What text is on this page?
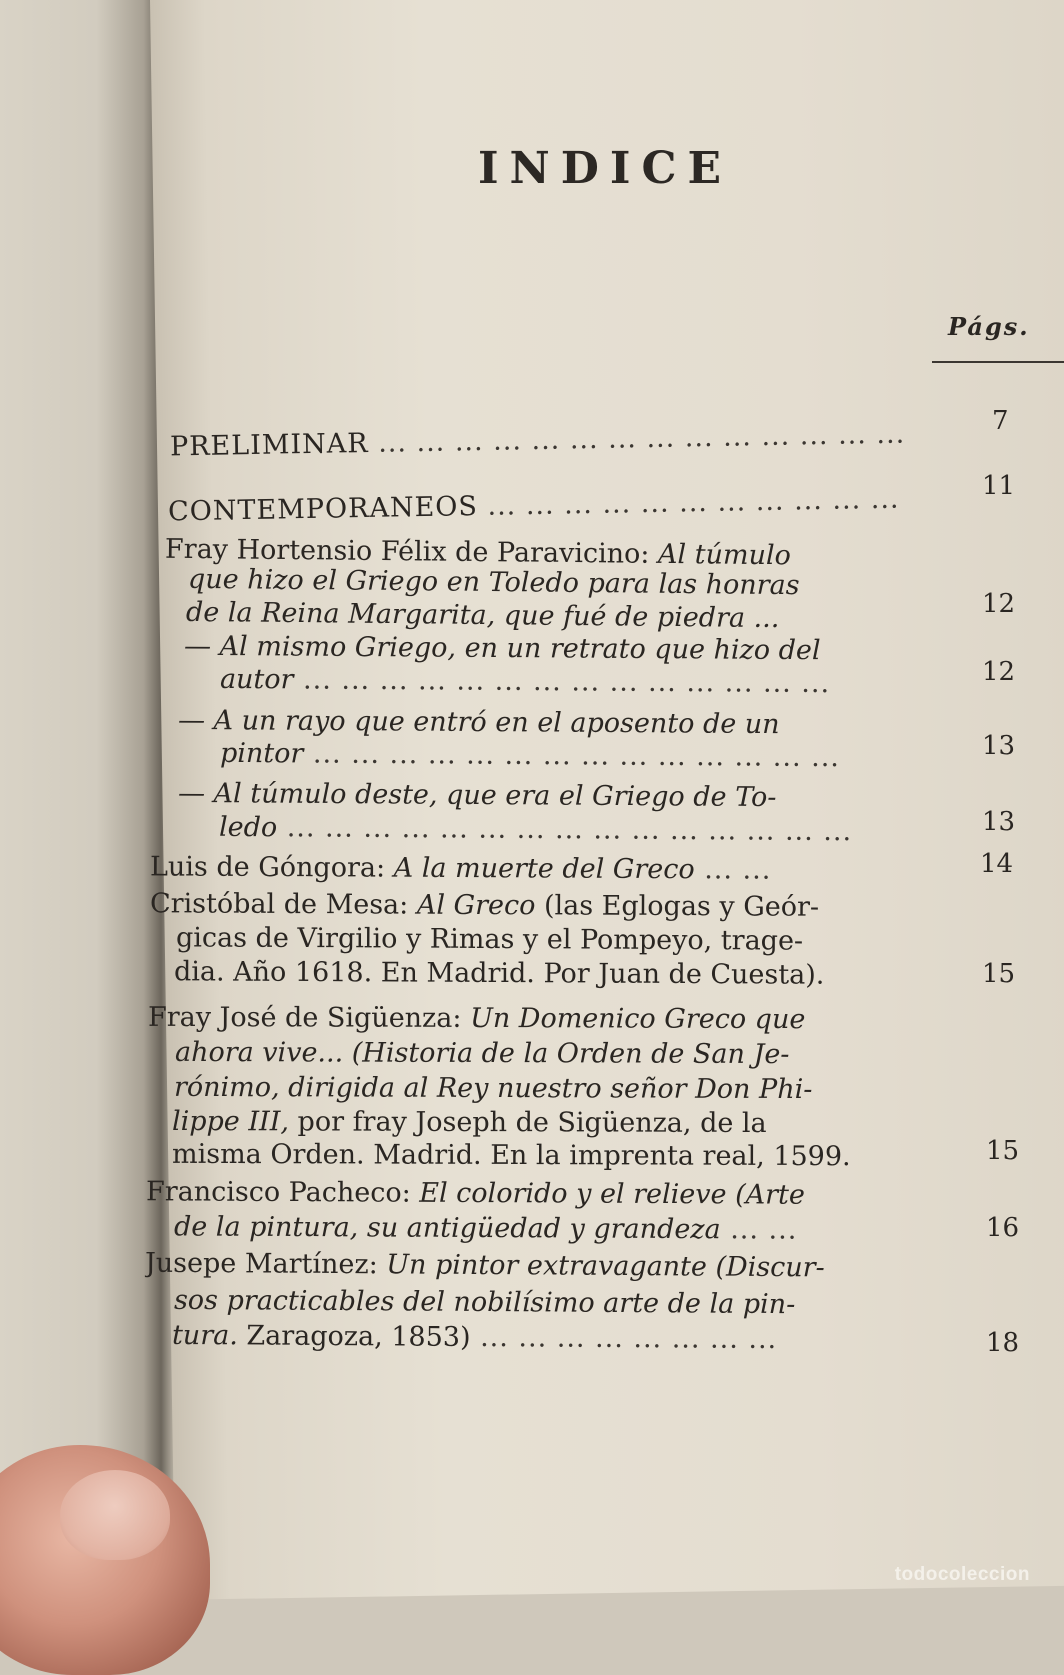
INDICE
Págs.
PRELIMINAR ... ... ... ... ... ... ... ... ... ... ... ... ... ...	7
CONTEMPORANEOS ... ... ... ... ... ... ... ... ... ... ...	11
Fray Hortensio Félix de Paravicino: Al túmulo
que hizo el Griego en Toledo para las honras
de la Reina Margarita, que fué de piedra ...	12
— Al mismo Griego, en un retrato que hizo del
autor ... ... ... ... ... ... ... ... ... ... ... ... ... ...	12
— A un rayo que entró en el aposento de un
pintor ... ... ... ... ... ... ... ... ... ... ... ... ... ...	13
— Al túmulo deste, que era el Griego de To-
ledo ... ... ... ... ... ... ... ... ... ... ... ... ... ... ...	13
Luis de Góngora: A la muerte del Greco ... ...	14
Cristóbal de Mesa: Al Greco (las Eglogas y Geór-
gicas de Virgilio y Rimas y el Pompeyo, trage-
dia. Año 1618. En Madrid. Por Juan de Cuesta).	15
Fray José de Sigüenza: Un Domenico Greco que
ahora vive... (Historia de la Orden de San Je-
rónimo, dirigida al Rey nuestro señor Don Phi-
lippe III, por fray Joseph de Sigüenza, de la
misma Orden. Madrid. En la imprenta real, 1599.	15
Francisco Pacheco: El colorido y el relieve (Arte
de la pintura, su antigüedad y grandeza ... ...	16
Jusepe Martínez: Un pintor extravagante (Discur-
sos practicables del nobilísimo arte de la pin-
tura. Zaragoza, 1853) ... ... ... ... ... ... ... ...	18
todocoleccion
